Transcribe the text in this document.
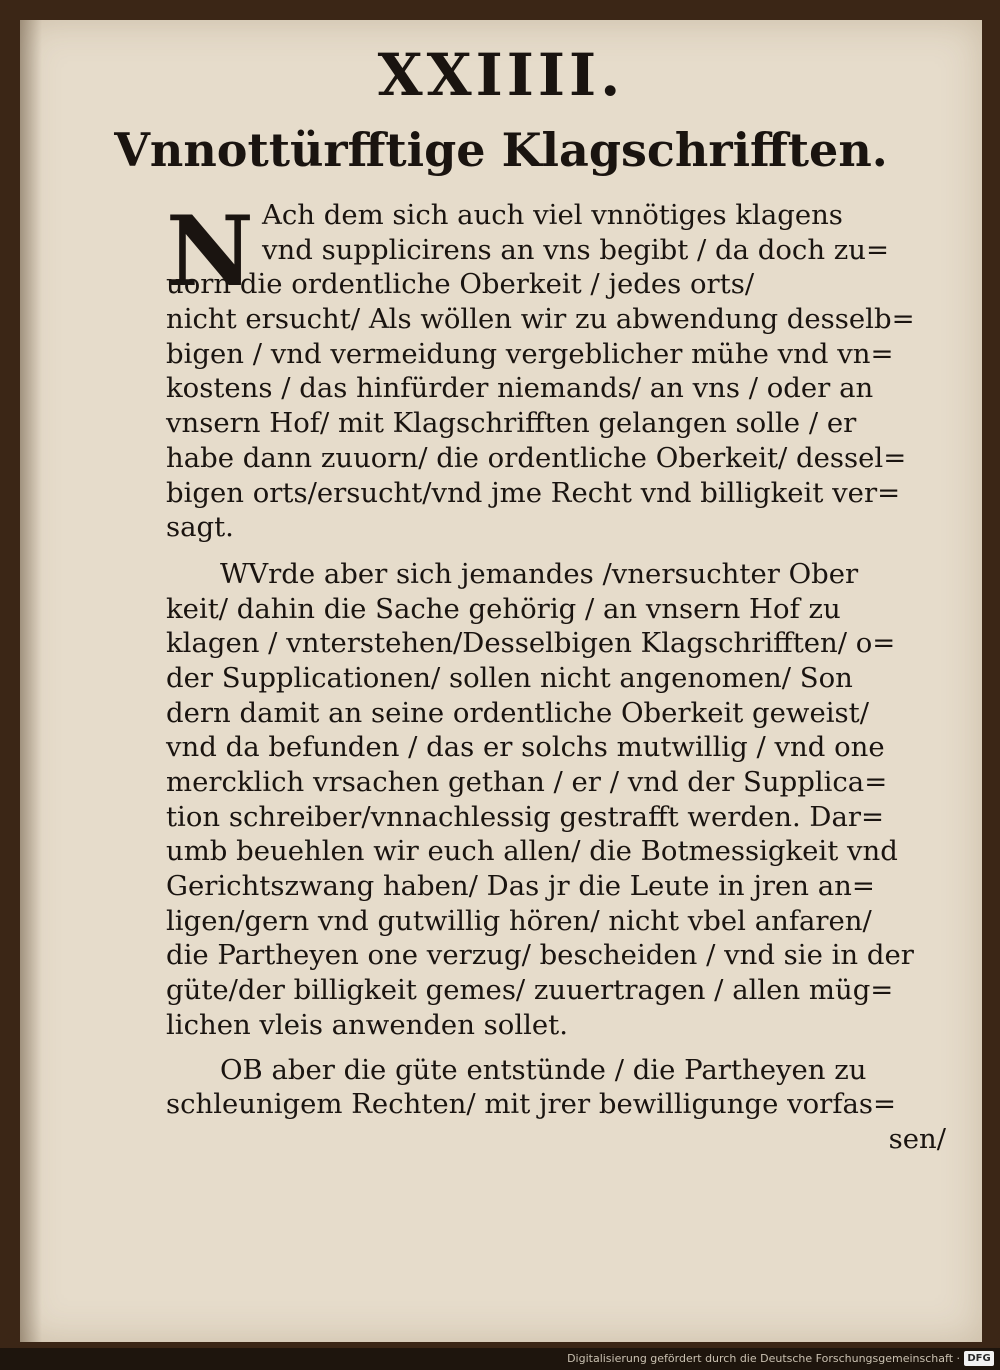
XXIIII.
Vnnottürfftige Klagschrifften.
N Ach dem sich auch viel vnnötiges klagens
vnd supplicirens an vns begibt / da doch zu=
uorn die ordentliche Oberkeit / jedes orts/
nicht ersucht/ Als wöllen wir zu abwendung desselb=
bigen / vnd vermeidung vergeblicher mühe vnd vn=
kostens / das hinfürder niemands/ an vns / oder an
vnsern Hof/ mit Klagschrifften gelangen solle / er
habe dann zuuorn/ die ordentliche Oberkeit/ dessel=
bigen orts/ersucht/vnd jme Recht vnd billigkeit ver=
sagt.
WVrde aber sich jemandes /vnersuchter Ober
keit/ dahin die Sache gehörig / an vnsern Hof zu
klagen / vnterstehen/Desselbigen Klagschrifften/ o=
der Supplicationen/ sollen nicht angenomen/ Son
dern damit an seine ordentliche Oberkeit geweist/
vnd da befunden / das er solchs mutwillig / vnd one
mercklich vrsachen gethan / er / vnd der Supplica=
tion schreiber/vnnachlessig gestrafft werden. Dar=
umb beuehlen wir euch allen/ die Botmessigkeit vnd
Gerichtszwang haben/ Das jr die Leute in jren an=
ligen/gern vnd gutwillig hören/ nicht vbel anfaren/
die Partheyen one verzug/ bescheiden / vnd sie in der
güte/der billigkeit gemes/ zuuertragen / allen müg=
lichen vleis anwenden sollet.
OB aber die güte entstünde / die Partheyen zu
schleunigem Rechten/ mit jrer bewilligunge vorfas=
sen/
Digitalisierung gefördert durch die Deutsche Forschungsgemeinschaft · DFG
